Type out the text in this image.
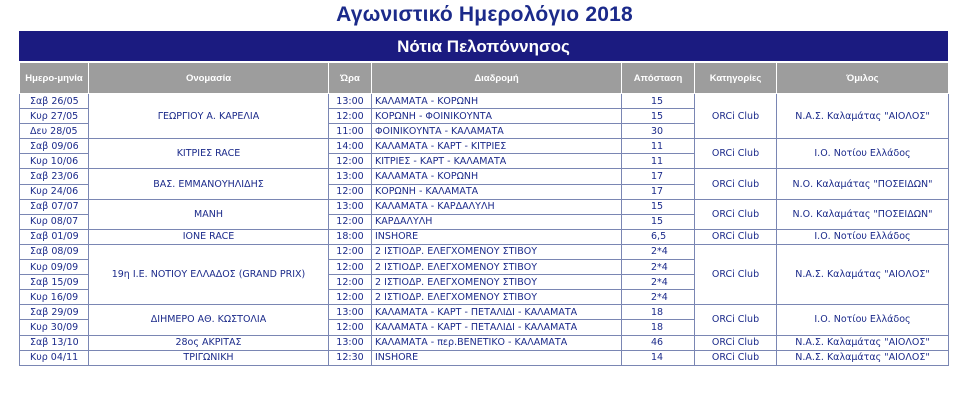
Αγωνιστικό Ημερολόγιο 2018
Νότια Πελοπόννησος
Ημερο-μηνία	Ονομασία	Ώρα	Διαδρομή	Απόσταση	Κατηγορίες	Όμιλος
Σαβ 26/05	ΓΕΩΡΓΙΟΥ Α. ΚΑΡΕΛΙΑ	13:00	ΚΑΛΑΜΑΤΑ - ΚΟΡΩΝΗ	15	ORCi Club	Ν.Α.Σ. Καλαμάτας "ΑΙΟΛΟΣ"
Κυρ 27/05		12:00	ΚΟΡΩΝΗ - ΦΟΙΝΙΚΟΥΝΤΑ	15		
Δευ 28/05		11:00	ΦΟΙΝΙΚΟΥΝΤΑ - ΚΑΛΑΜΑΤΑ	30		
Σαβ 09/06	ΚΙΤΡΙΕΣ RACE	14:00	ΚΑΛΑΜΑΤΑ - ΚΑΡΤ - ΚΙΤΡΙΕΣ	11	ORCi Club	Ι.Ο. Νοτίου Ελλάδος
Κυρ 10/06		12:00	ΚΙΤΡΙΕΣ - ΚΑΡΤ - ΚΑΛΑΜΑΤΑ	11		
Σαβ 23/06	ΒΑΣ. ΕΜΜΑΝΟΥΗΛΙΔΗΣ	13:00	ΚΑΛΑΜΑΤΑ - ΚΟΡΩΝΗ	17	ORCi Club	Ν.Ο. Καλαμάτας "ΠΟΣΕΙΔΩΝ"
Κυρ 24/06		12:00	ΚΟΡΩΝΗ - ΚΑΛΑΜΑΤΑ	17		
Σαβ 07/07	ΜΑΝΗ	13:00	ΚΑΛΑΜΑΤΑ - ΚΑΡΔΑΛΥΛΗ	15	ORCi Club	Ν.Ο. Καλαμάτας "ΠΟΣΕΙΔΩΝ"
Κυρ 08/07		12:00	ΚΑΡΔΑΛΥΛΗ	15		
Σαβ 01/09	IONE RACE	18:00	INSHORE	6,5	ORCi Club	Ι.Ο. Νοτίου Ελλάδος
Σαβ 08/09	19η Ι.Ε. ΝΟΤΙΟΥ ΕΛΛΑΔΟΣ (GRAND PRIX)	12:00	2 ΙΣΤΙΟΔΡ. ΕΛΕΓΧΟΜΕΝΟΥ ΣΤΙΒΟΥ	2*4	ORCi Club	Ν.Α.Σ. Καλαμάτας "ΑΙΟΛΟΣ"
Κυρ 09/09		12:00	2 ΙΣΤΙΟΔΡ. ΕΛΕΓΧΟΜΕΝΟΥ ΣΤΙΒΟΥ	2*4		
Σαβ 15/09		12:00	2 ΙΣΤΙΟΔΡ. ΕΛΕΓΧΟΜΕΝΟΥ ΣΤΙΒΟΥ	2*4		
Κυρ 16/09		12:00	2 ΙΣΤΙΟΔΡ. ΕΛΕΓΧΟΜΕΝΟΥ ΣΤΙΒΟΥ	2*4		
Σαβ 29/09	ΔΙΗΜΕΡΟ ΑΘ. ΚΩΣΤΟΛΙΑ	13:00	ΚΑΛΑΜΑΤΑ - ΚΑΡΤ - ΠΕΤΑΛΙΔΙ - ΚΑΛΑΜΑΤΑ	18	ORCi Club	Ι.Ο. Νοτίου Ελλάδος
Κυρ 30/09		12:00	ΚΑΛΑΜΑΤΑ - ΚΑΡΤ - ΠΕΤΑΛΙΔΙ - ΚΑΛΑΜΑΤΑ	18		
Σαβ 13/10	28ος ΑΚΡΙΤΑΣ	13:00	ΚΑΛΑΜΑΤΑ - περ.ΒΕΝΕΤΙΚΟ - ΚΑΛΑΜΑΤΑ	46	ORCi Club	Ν.Α.Σ. Καλαμάτας "ΑΙΟΛΟΣ"
Κυρ 04/11	ΤΡΙΓΩΝΙΚΗ	12:30	INSHORE	14	ORCi Club	Ν.Α.Σ. Καλαμάτας "ΑΙΟΛΟΣ"
